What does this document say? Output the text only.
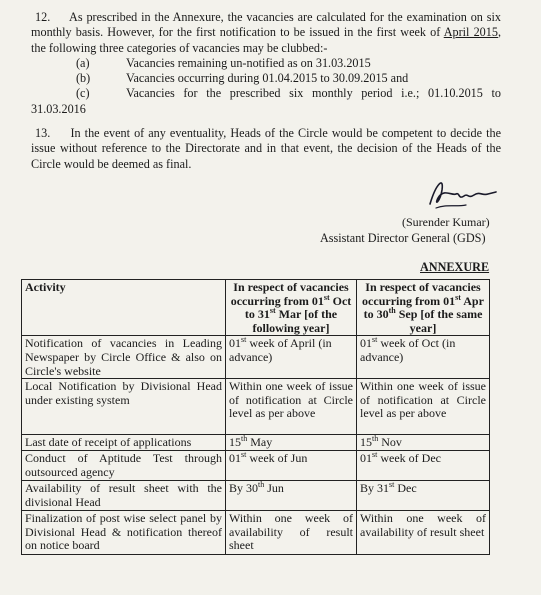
12. As prescribed in the Annexure, the vacancies are calculated for the examination on six monthly basis. However, for the first notification to be issued in the first week of April 2015, the following three categories of vacancies may be clubbed:-
(a)	Vacancies remaining un-notified as on 31.03.2015
(b)	Vacancies occurring during 01.04.2015 to 30.09.2015 and
(c)	Vacancies for the prescribed six monthly period i.e.; 01.10.2015 to
31.03.2016
13. In the event of any eventuality, Heads of the Circle would be competent to decide the issue without reference to the Directorate and in that event, the decision of the Heads of the Circle would be deemed as final.
(Surender Kumar)
Assistant Director General (GDS)
ANNEXURE
Activity	In respect of vacancies occurring from 01st Oct to 31st Mar [of the following year]	In respect of vacancies occurring from 01st Apr to 30th Sep [of the same year]
Notification of vacancies in Leading Newspaper by Circle Office & also on Circle's website	01st week of April (in advance)	01st week of Oct (in advance)
Local Notification by Divisional Head under existing system	Within one week of issue of notification at Circle level as per above	Within one week of issue of notification at Circle level as per above
Last date of receipt of applications	15th May	15th Nov
Conduct of Aptitude Test through outsourced agency	01st week of Jun	01st week of Dec
Availability of result sheet with the divisional Head	By 30th Jun	By 31st Dec
Finalization of post wise select panel by Divisional Head & notification thereof on notice board	Within one week of availability of result sheet	Within one week of availability of result sheet
